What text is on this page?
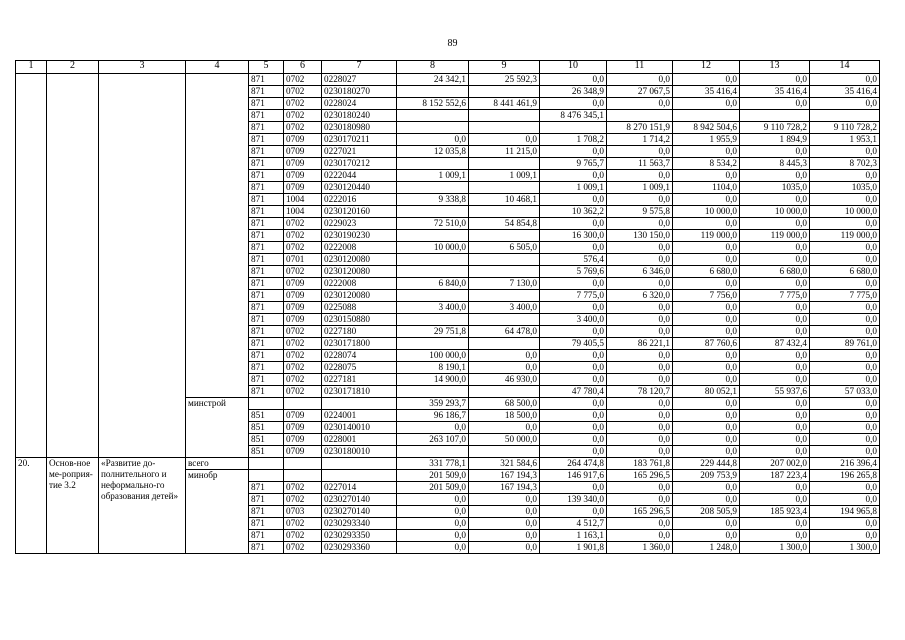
89
1	2	3	4	5	6	7	8	9	10	11	12	13	14
				871	0702	0228027	24 342,1	25 592,3	0,0	0,0	0,0	0,0	0,0
				871	0702	0230180270			26 348,9	27 067,5	35 416,4	35 416,4	35 416,4
				871	0702	0228024	8 152 552,6	8 441 461,9	0,0	0,0	0,0	0,0	0,0
				871	0702	0230180240			8 476 345,1				
				871	0702	0230180980				8 270 151,9	8 942 504,6	9 110 728,2	9 110 728,2
				871	0709	0230170211	0,0	0,0	1 708,2	1 714,2	1 955,9	1 894,9	1 953,1
				871	0709	0227021	12 035,8	11 215,0	0,0	0,0	0,0	0,0	0,0
				871	0709	0230170212			9 765,7	11 563,7	8 534,2	8 445,3	8 702,3
				871	0709	0222044	1 009,1	1 009,1	0,0	0,0	0,0	0,0	0,0
				871	0709	0230120440			1 009,1	1 009,1	1104,0	1035,0	1035,0
				871	1004	0222016	9 338,8	10 468,1	0,0	0,0	0,0	0,0	0,0
				871	1004	0230120160			10 362,2	9 575,8	10 000,0	10 000,0	10 000,0
				871	0702	0229023	72 510,0	54 854,8	0,0	0,0	0,0	0,0	0,0
				871	0702	0230190230			16 300,0	130 150,0	119 000,0	119 000,0	119 000,0
				871	0702	0222008	10 000,0	6 505,0	0,0	0,0	0,0	0,0	0,0
				871	0701	0230120080			576,4	0,0	0,0	0,0	0,0
				871	0702	0230120080			5 769,6	6 346,0	6 680,0	6 680,0	6 680,0
				871	0709	0222008	6 840,0	7 130,0	0,0	0,0	0,0	0,0	0,0
				871	0709	0230120080			7 775,0	6 320,0	7 756,0	7 775,0	7 775,0
				871	0709	0225088	3 400,0	3 400,0	0,0	0,0	0,0	0,0	0,0
				871	0709	0230150880			3 400,0	0,0	0,0	0,0	0,0
				871	0702	0227180	29 751,8	64 478,0	0,0	0,0	0,0	0,0	0,0
				871	0702	0230171800			79 405,5	86 221,1	87 760,6	87 432,4	89 761,0
				871	0702	0228074	100 000,0	0,0	0,0	0,0	0,0	0,0	0,0
				871	0702	0228075	8 190,1	0,0	0,0	0,0	0,0	0,0	0,0
				871	0702	0227181	14 900,0	46 930,0	0,0	0,0	0,0	0,0	0,0
				871	0702	0230171810			47 780,4	78 120,7	80 052,1	55 937,6	57 033,0
			минстрой				359 293,7	68 500,0	0,0	0,0	0,0	0,0	0,0
				851	0709	0224001	96 186,7	18 500,0	0,0	0,0	0,0	0,0	0,0
				851	0709	0230140010	0,0	0,0	0,0	0,0	0,0	0,0	0,0
				851	0709	0228001	263 107,0	50 000,0	0,0	0,0	0,0	0,0	0,0
				851	0709	0230180010			0,0	0,0	0,0	0,0	0,0
20.	Основ-ное ме-роприя-тие 3.2	«Развитие до-полнительного и неформально-го образования детей»	всего				331 778,1	321 584,6	264 474,8	183 761,8	229 444,8	207 002,0	216 396,4
			минобр				201 509,0	167 194,3	146 917,6	165 296,5	209 753,9	187 223,4	196 265,8
				871	0702	0227014	201 509,0	167 194,3	0,0	0,0	0,0	0,0	0,0
				871	0702	0230270140	0,0	0,0	139 340,0	0,0	0,0	0,0	0,0
				871	0703	0230270140	0,0	0,0	0,0	165 296,5	208 505,9	185 923,4	194 965,8
				871	0702	0230293340	0,0	0,0	4 512,7	0,0	0,0	0,0	0,0
				871	0702	0230293350	0,0	0,0	1 163,1	0,0	0,0	0,0	0,0
				871	0702	0230293360	0,0	0,0	1 901,8	1 360,0	1 248,0	1 300,0	1 300,0
